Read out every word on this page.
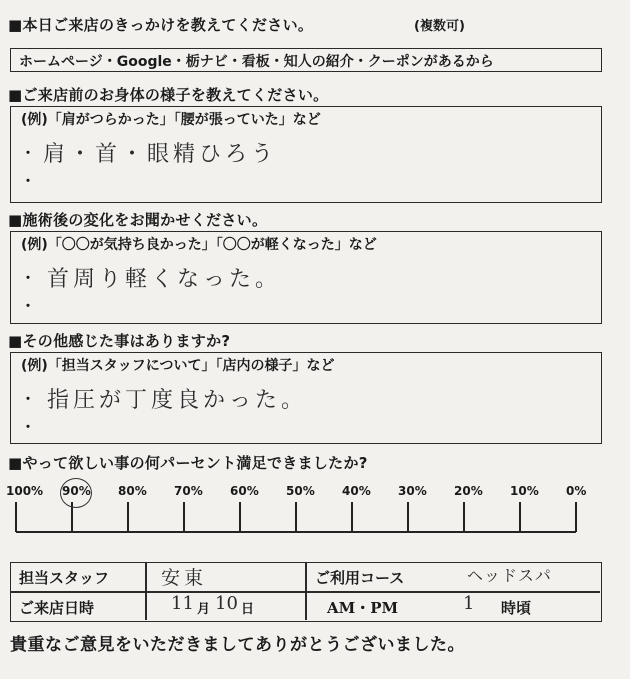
■本日ご来店のきっかけを教えてください。	(複数可)
ホームページ・Google・栃ナビ・看板・知人の紹介・クーポンがあるから
■ご来店前のお身体の様子を教えてください。
(例)「肩がつらかった」「腰が張っていた」など
・ 肩・首・眼精ひろう
・
■施術後の変化をお聞かせください。
(例)「〇〇が気持ち良かった」「〇〇が軽くなった」など
・ 首周り軽くなった。
・
■その他感じた事はありますか?
(例)「担当スタッフについて」「店内の様子」など
・ 指圧が丁度良かった。
・
■やって欲しい事の何パーセント満足できましたか?
100% 90% 80% 70% 60% 50% 40% 30% 20% 10% 0%
担当スタッフ	安東	ご利用コース	ヘッドスパ
ご来店日時	11 月 10 日	AM・PM	1 時頃
貴重なご意見をいただきましてありがとうございました。
